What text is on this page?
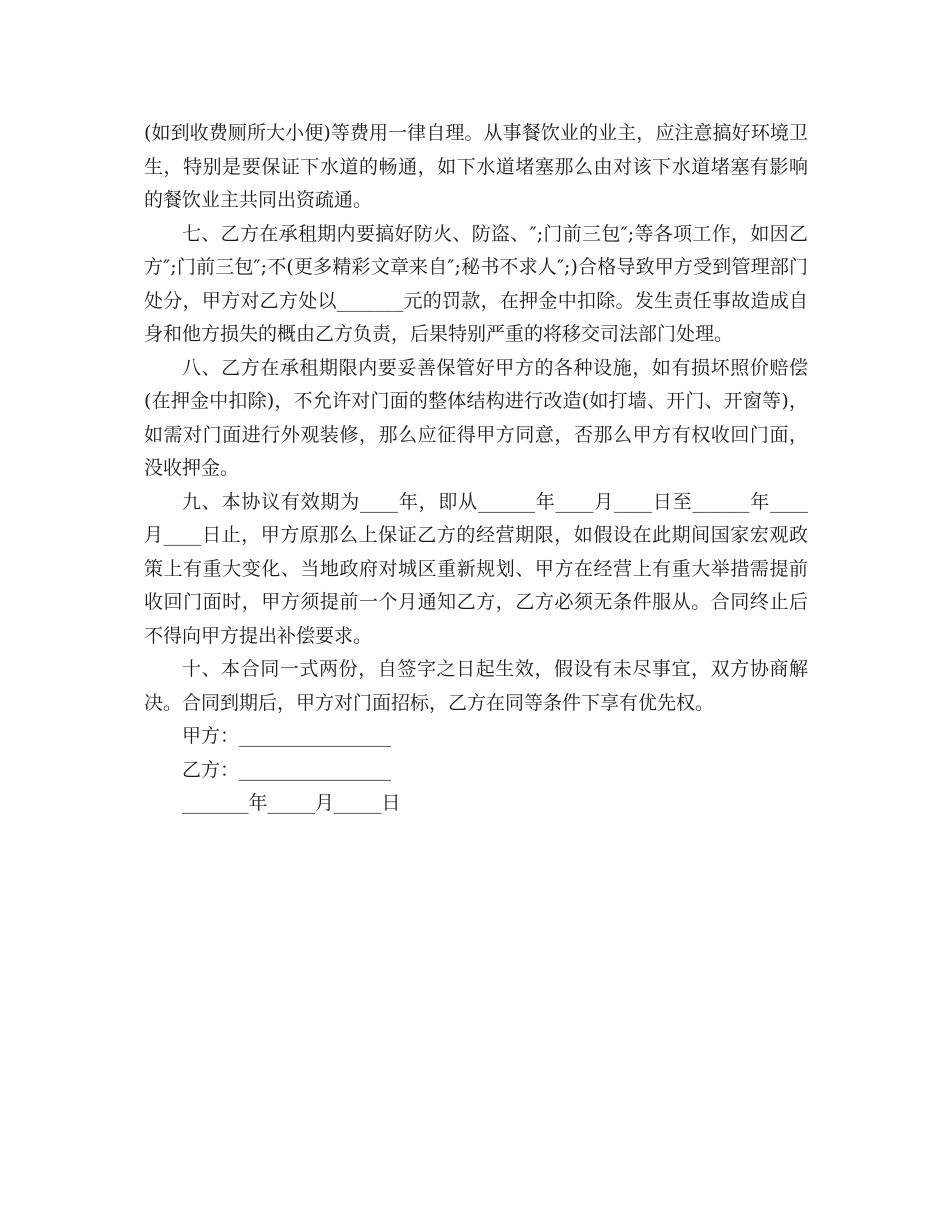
(如到收费厕所大小便)等费用一律自理。从事餐饮业的业主，应注意搞好环境卫生，特别是要保证下水道的畅通，如下水道堵塞那么由对该下水道堵塞有影响的餐饮业主共同出资疏通。

七、乙方在承租期内要搞好防火、防盗、″;门前三包″;等各项工作，如因乙方″;门前三包″;不(更多精彩文章来自″;秘书不求人″;)合格导致甲方受到管理部门处分，甲方对乙方处以_______元的罚款，在押金中扣除。发生责任事故造成自身和他方损失的概由乙方负责，后果特别严重的将移交司法部门处理。

八、乙方在承租期限内要妥善保管好甲方的各种设施，如有损坏照价赔偿(在押金中扣除)，不允许对门面的整体结构进行改造(如打墙、开门、开窗等)，如需对门面进行外观装修，那么应征得甲方同意，否那么甲方有权收回门面，没收押金。

九、本协议有效期为____年，即从______年____月____日至______年____月____日止，甲方原那么上保证乙方的经营期限，如假设在此期间国家宏观政策上有重大变化、当地政府对城区重新规划、甲方在经营上有重大举措需提前收回门面时，甲方须提前一个月通知乙方，乙方必须无条件服从。合同终止后不得向甲方提出补偿要求。

十、本合同一式两份，自签字之日起生效，假设有未尽事宜，双方协商解决。合同到期后，甲方对门面招标，乙方在同等条件下享有优先权。

甲方：________________

乙方：________________

_______年_____月_____日
